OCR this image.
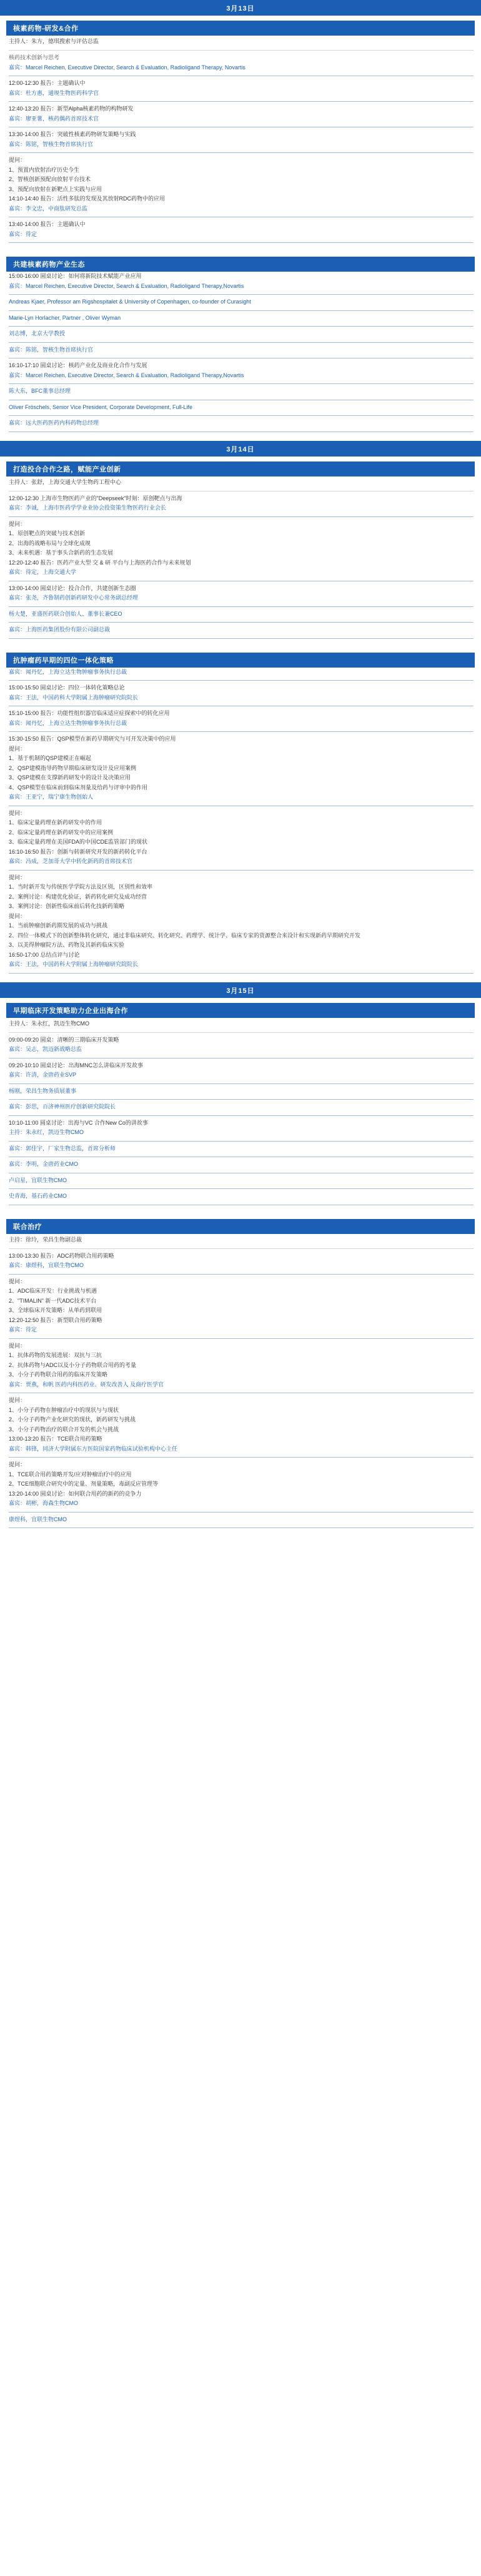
3月13日
核素药物-研发&合作
主持人：朱方，德琪搜索与评估总监
核药技术创新与思考
嘉宾：Marcel Reichen, Executive Director, Search & Evaluation, Radioligand Therapy, Novartis
12:00-12:30 报告：主题确认中
嘉宾：杜方惠，通规生物医药科学官
12:40-13:20 报告：新型Alpha核素药物的构物研发
嘉宾：廖亚薯，核药偶药首席技术官
13:30-14:00 报告：突破性核素药物研发策略与实践
嘉宾：陈铭，智核生物首席执行官
提问：
1、预置内放射治疗历史今生
2、智核创新预配向放射平台技术
3、预配向放射在新靶点上实践与应用
14:10-14:40 报告：活性多肽的发现及其放射RDC药物中的应用
嘉宾：李文忠，中商肽研发总监
13:40-14:00 报告：主题确认中
嘉宾：待定
共建核素药物产业生态
15:00-16:00 圆桌讨论：如何将新院技术赋能产业应用
嘉宾：Marcel Reichen, Executive Director, Search & Evaluation, Radioligand Therapy,Novartis
Andreas Kjaer, Professor am Rigshospitalet & University of Copenhagen, co-founder of Curasight
Marie-Lyn Horlacher, Partner , Oliver Wyman
刘志博，北京大学教授
嘉宾：陈铭，智核生物首席执行官
16:10-17:10 圆桌讨论：核药产业化及商业化合作与发展
嘉宾：Marcel Reichen, Executive Director, Search & Evaluation, Radioligand Therapy,Novartis
陈大东，BFC董事总经理
Oliver Fröschels, Senior Vice President, Corporate Development, Full-Life
嘉宾：远大医药医药内科药物总经理
3月14日
打造投合合作之路，赋能产业创新
主持人：张舒，上海交通大学生物药工程中心
12:00-12:30 上海市生物医药产业的"Deepseek"时刻：原创靶点与出海
嘉宾：李诚，上海市医药学学业业协会投资策生物医药行业会长
提问：
1、原创靶点的突破与技术创新
2、出海的战略布局与全球化成规
3、未来机遇：基于事头合新药的生态发展
12:20-12:40 报告：医药产业大型 交 & 研 平台与上海医药合作与未来规划
嘉宾：待定，上海交通大学
13:00-14:00 圆桌讨论：投合合作，共建创新生态圈
嘉宾：张尧，齐鲁制药创新药研发中心常务副总经理
杨大楚，亚盛医药联合创始人、董事长兼CEO
嘉宾：上海医药集团股份有限公司副总裁
抗肿瘤药早期的四位一体化策略
嘉宾：闻丹忆，上海立达生物肿瘤事务执行总裁
15:00-15:50 圆桌讨论：四位一体转化策略总论
嘉宾：王法，中国药科大学附属上海肿瘤研究院院长
15:10-15:00 报告：功能性组织器官临床适应症探索中的转化应用
嘉宾：闻丹忆，上海立达生物肿瘤事务执行总裁
15:30-15:50 报告：QSP模型在新药早期研究与可开发决策中的应用
提问：
1、基于机制的QSP建模正在崛起
2、QSP建模指导药物早期临床研发设计及应用案例
3、QSP建模在支撑新药研发中的设计及决策应用
4、QSP模型在临床前到临床剂量及给药与评审中的作用
嘉宾：王亚宁，瑞宁康生物创始人
提问：
1、临床定量药理在新药研发中的作用
2、临床定量药理在新药研发中的应用案例
3、临床定量药理在美国FDA的中国CDE监管部门的现状
16:10-16:50 报告：创新与转新研究开发的新药转化平台
嘉宾：冯成，芝加哥大学中转化新药的首席技术官
提问：
1、当时新开发与传统医学学院方法及区别，区别性和效率
2、案例讨论：构建优化验证，新药转化研究及成功经营
3、案例讨论：创新性临床前后转化技新药策略
提问：
1、当前肿瘤创新药期发展的成功与挑战
2、四位一体模式下的创新整体转化研究，通过非临床研究、转化研究、药理学、统计学、临床专家的资源整合来设计和实现新药早期研究开发
3、以美得肿瘤院方法、药物及其新药临床实验
16:50-17:00 总结点评与讨论
嘉宾：王法，中国药科大学附属上海肿瘤研究院院长
3月15日
早期临床开发策略助力企业出海合作
主持人：朱永红，凯迈生物CMO
09:00-09:20 圆桌：清晰的三期临床开发策略
嘉宾：吴志，凯迈新战略总监
09:20-10:10 圆桌讨论：出海MNC怎么讲临床开发故事
嘉宾：许清，金唐药业SVP
杨刚，荣昌生物务质展董事
嘉宾：彭思，百济神州医疗创新研究院院长
10:10-11:00 圆桌讨论：出海与VC 合作New Co的讲故事
主持：朱永红，凯迈生物CMO
嘉宾：郭佳宇，厂家生物总监，首席分析师
嘉宾：李明，金唐药业CMO
卢启星，宜联生物CMO
史青海，基石药业CMO
联合治疗
主持：徐玲，荣昌生物副总裁
13:00-13:30 报告：ADC药物联合用药策略
嘉宾：康煜科，宜联生物CMO
提问：
1、ADC临床开发：行业挑战与机遇
2、"TIMALIN" 新一代ADC技术平台
3、全球临床开发策略：从单药到联用
12:20-12:50 报告：新型联合用药策略
嘉宾：待定
提问：
1、抗体药物的发展进展：双抗与三抗
2、抗体药物与ADC以及小分子药物联合用药的考量
3、小分子药物联合用药的临床开发策略
嘉宾：贾燕，和帆 医药内科医药业、研发改善人 及商疗医学官
提问：
1、小分子药物在肿瘤治疗中的现状与与现状
2、小分子药物产业化研究的现状，新药研发与挑战
3、小分子药物治疗的联合开发的机会与挑战
13:00-13:20 报告：TCE联合用药策略
嘉宾：韩锋，同济大学附属东方医院国家药物临床试验机构中心主任
提问：
1、TCE联合用药策略开发/应对肿瘤治疗中的应用
2、TCE细胞联合研究中的定量、剂量策略，毒副反应管理等
13:20-14:00 圆桌讨论：如何联合用药的新药的竞争力
嘉宾：胡彬，海森生物CMO
康煜科，宜联生物CMO
